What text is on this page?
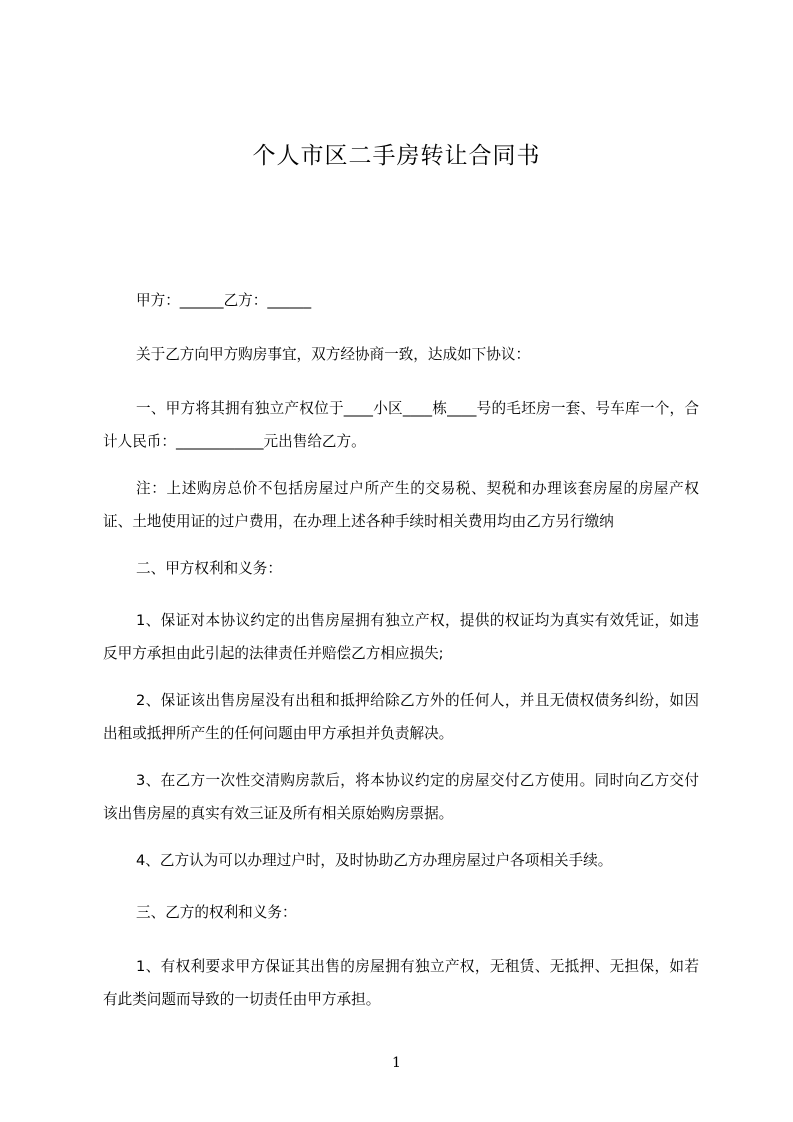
个人市区二手房转让合同书
甲方：______乙方：______
关于乙方向甲方购房事宜，双方经协商一致，达成如下协议：
一、甲方将其拥有独立产权位于____小区____栋____号的毛坯房一套、号车库一个，合计人民币：____________元出售给乙方。
注：上述购房总价不包括房屋过户所产生的交易税、契税和办理该套房屋的房屋产权证、土地使用证的过户费用，在办理上述各种手续时相关费用均由乙方另行缴纳
二、甲方权利和义务：
1、保证对本协议约定的出售房屋拥有独立产权，提供的权证均为真实有效凭证，如违反甲方承担由此引起的法律责任并赔偿乙方相应损失;
2、保证该出售房屋没有出租和抵押给除乙方外的任何人，并且无债权债务纠纷，如因出租或抵押所产生的任何问题由甲方承担并负责解决。
3、在乙方一次性交清购房款后，将本协议约定的房屋交付乙方使用。同时向乙方交付该出售房屋的真实有效三证及所有相关原始购房票据。
4、乙方认为可以办理过户时，及时协助乙方办理房屋过户各项相关手续。
三、乙方的权利和义务：
1、有权利要求甲方保证其出售的房屋拥有独立产权，无租赁、无抵押、无担保，如若有此类问题而导致的一切责任由甲方承担。
1
